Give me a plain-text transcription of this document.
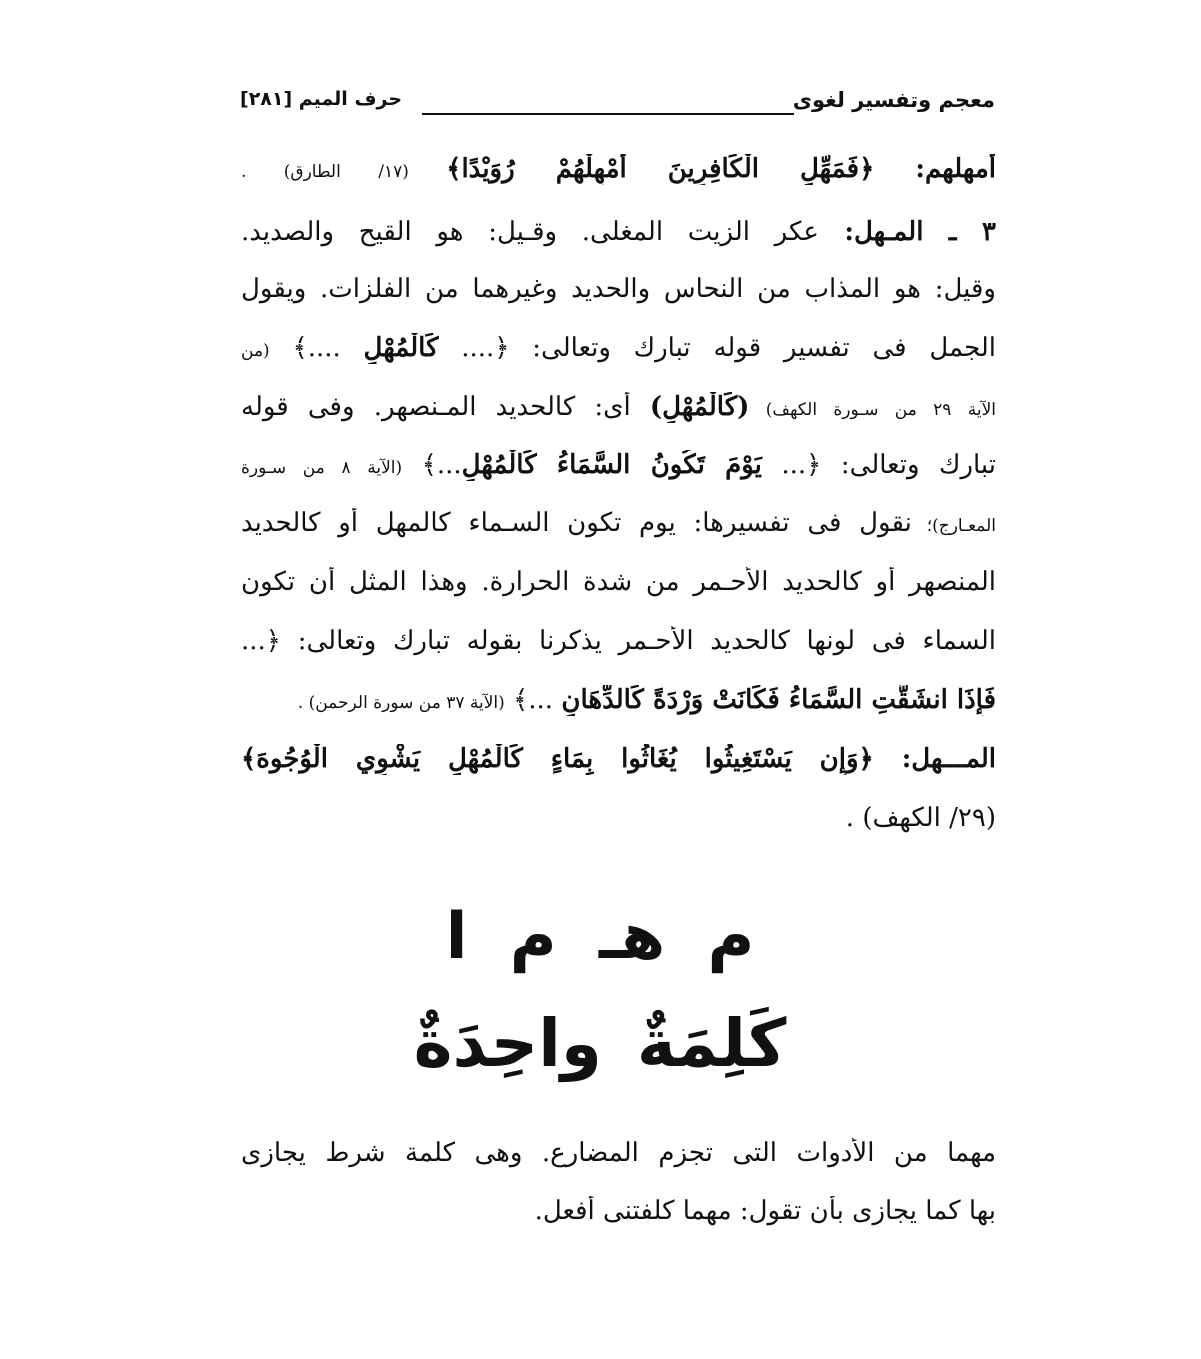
معجم وتفسير لغوى
حرف الميم [٢٨١]
أمهلهم: ﴿فَمَهِّلِ الْكَافِرِينَ أَمْهِلْهُمْ رُوَيْدًا﴾ (١٧/ الطارق) .
٣ ـ المـهل: عكر الزيت المغلى. وقـيل: هو القيح والصديد.
وقيل: هو المذاب من النحاس والحديد وغيرهما من الفلزات. ويقول
الجمل فى تفسير قوله تبارك وتعالى: ﴿.... كَالْمُهْلِ ....﴾ (من
الآية ٢٩ من سـورة الكهف) (كَالْمُهْلِ) أى: كالحديد المـنصهر. وفى قوله
تبارك وتعالى: ﴿... يَوْمَ تَكُونُ السَّمَاءُ كَالْمُهْلِ...﴾ (الآية ٨ من سـورة
المعـارج)؛ نقول فى تفسيرها: يوم تكون السـماء كالمهل أو كالحديد
المنصهر أو كالحديد الأحـمر من شدة الحرارة. وهذا المثل أن تكون
السماء فى لونها كالحديد الأحـمر يذكرنا بقوله تبارك وتعالى: ﴿...
فَإِذَا انشَقَّتِ السَّمَاءُ فَكَانَتْ وَرْدَةً كَالدِّهَانِ ...﴾ (الآية ٣٧ من سورة الرحمن) .
المـــهل: ﴿وَإِن يَسْتَغِيثُوا يُغَاثُوا بِمَاءٍ كَالْمُهْلِ يَشْوِي الْوُجُوهَ﴾
(٢٩/ الكهف) .
م هـ م ا
كَلِمَةٌ واحِدَةٌ
مهما من الأدوات التى تجزم المضارع. وهى كلمة شرط يجازى
بها كما يجازى بأن تقول: مهما كلفتنى أفعل.
